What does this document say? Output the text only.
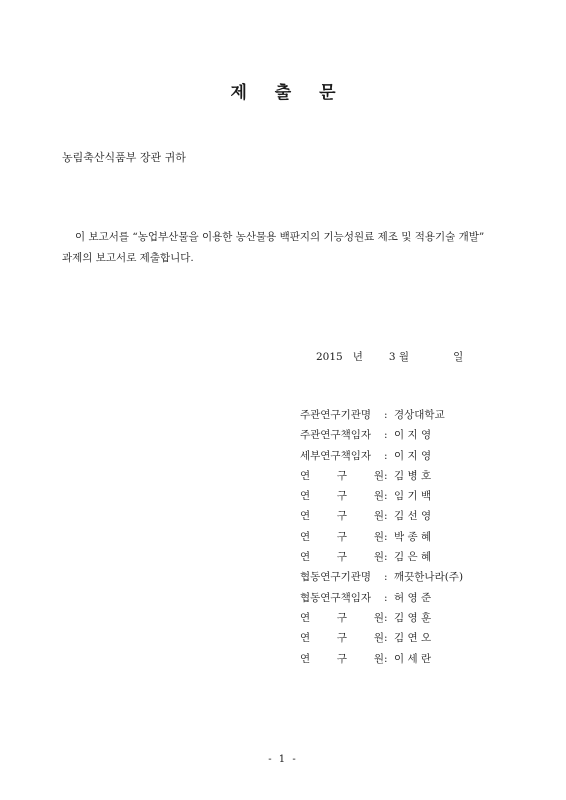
제 출 문
농림축산식품부 장관 귀하
이 보고서를 “농업부산물을 이용한 농산물용 백판지의 기능성원료 제조 및 적용기술 개발”
과제의 보고서로 제출합니다.
2015 년 3 월	일
주관연구기관명 : 경상대학교
주관연구책임자 : 이 지 영
세부연구책임자 : 이 지 영
연 구 원: 김 병 호
연 구 원: 임 기 백
연 구 원: 김 선 영
연 구 원: 박 종 혜
연 구 원: 김 은 혜
협동연구기관명 : 깨끗한나라(주)
협동연구책임자 : 허 영 준
연 구 원: 김 영 훈
연 구 원: 김 연 오
연 구 원: 이 세 란
- 1 -
